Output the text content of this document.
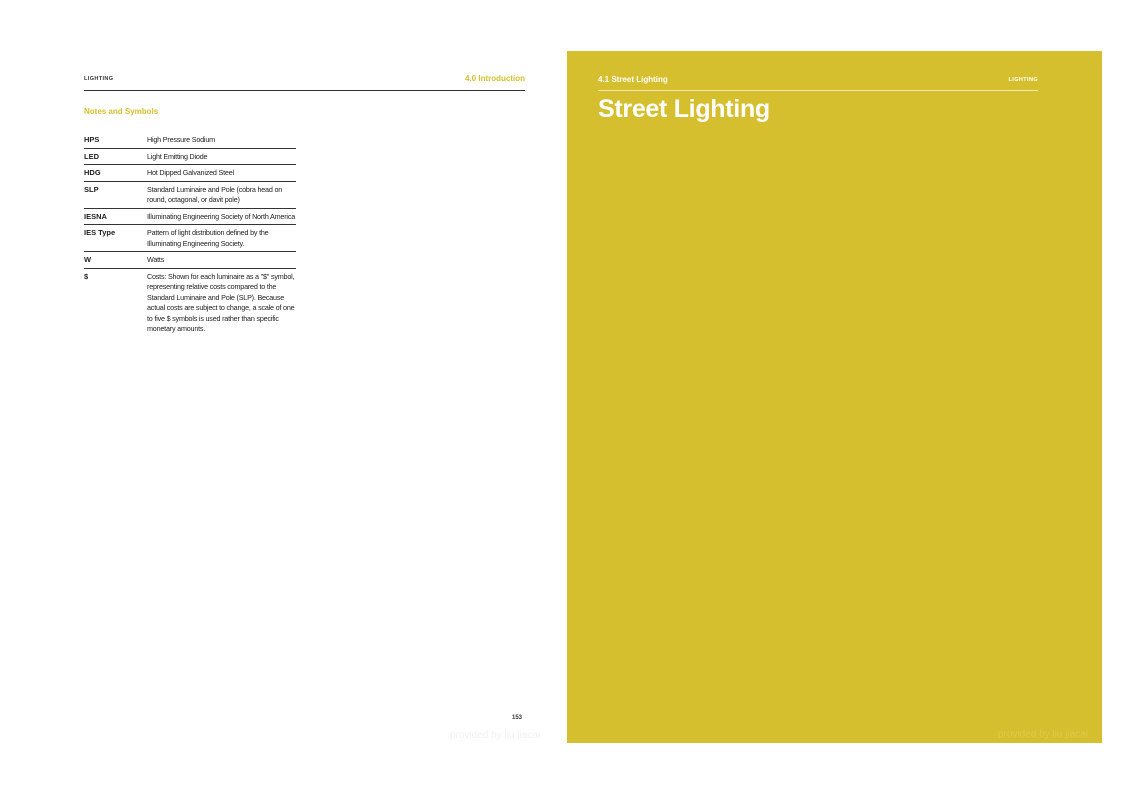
LIGHTING	4.0 Introduction
Notes and Symbols
HPS	High Pressure Sodium
LED	Light Emitting Diode
HDG	Hot Dipped Galvanized Steel
SLP	Standard Luminaire and Pole (cobra head on round, octagonal, or davit pole)
IESNA	Illuminating Engineering Society of North America
IES Type	Pattern of light distribution defined by the Illuminating Engineering Society.
W	Watts
$	Costs: Shown for each luminaire as a "$" symbol, representing relative costs compared to the Standard Luminaire and Pole (SLP). Because actual costs are subject to change, a scale of one to five $ symbols is used rather than specific monetary amounts.
153
provided by liu jiacai
4.1 Street Lighting	LIGHTING
Street Lighting
provided by liu jiacai
